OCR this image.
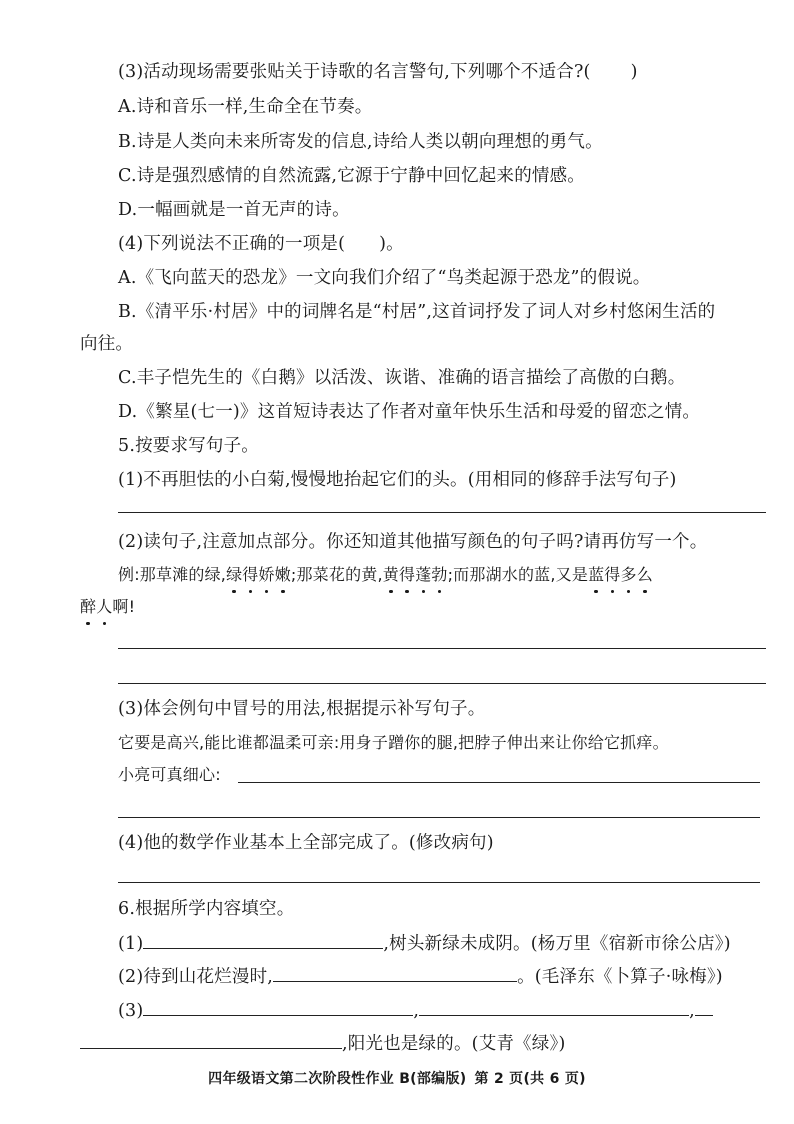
(3)活动现场需要张贴关于诗歌的名言警句,下列哪个不适合?( )
A.诗和音乐一样,生命全在节奏。
B.诗是人类向未来所寄发的信息,诗给人类以朝向理想的勇气。
C.诗是强烈感情的自然流露,它源于宁静中回忆起来的情感。
D.一幅画就是一首无声的诗。
(4)下列说法不正确的一项是( )。
A.《飞向蓝天的恐龙》一文向我们介绍了“鸟类起源于恐龙”的假说。
B.《清平乐·村居》中的词牌名是“村居”,这首词抒发了词人对乡村悠闲生活的
向往。
C.丰子恺先生的《白鹅》以活泼、诙谐、准确的语言描绘了高傲的白鹅。
D.《繁星(七一)》这首短诗表达了作者对童年快乐生活和母爱的留恋之情。
5.按要求写句子。
(1)不再胆怯的小白菊,慢慢地抬起它们的头。(用相同的修辞手法写句子)
(2)读句子,注意加点部分。你还知道其他描写颜色的句子吗?请再仿写一个。
例:那草滩的绿,绿得娇嫩;那菜花的黄,黄得蓬勃;而那湖水的蓝,又是蓝得多么
醉人啊!
(3)体会例句中冒号的用法,根据提示补写句子。
它要是高兴,能比谁都温柔可亲:用身子蹭你的腿,把脖子伸出来让你给它抓痒。
小亮可真细心:
(4)他的数学作业基本上全部完成了。(修改病句)
6.根据所学内容填空。
(1)	,树头新绿未成阴。(杨万里《宿新市徐公店》)
(2)待到山花烂漫时,	。(毛泽东《卜算子·咏梅》)
(3)	,	,
,阳光也是绿的。(艾青《绿》)
四年级语文第二次阶段性作业 B(部编版) 第 2 页(共 6 页)
